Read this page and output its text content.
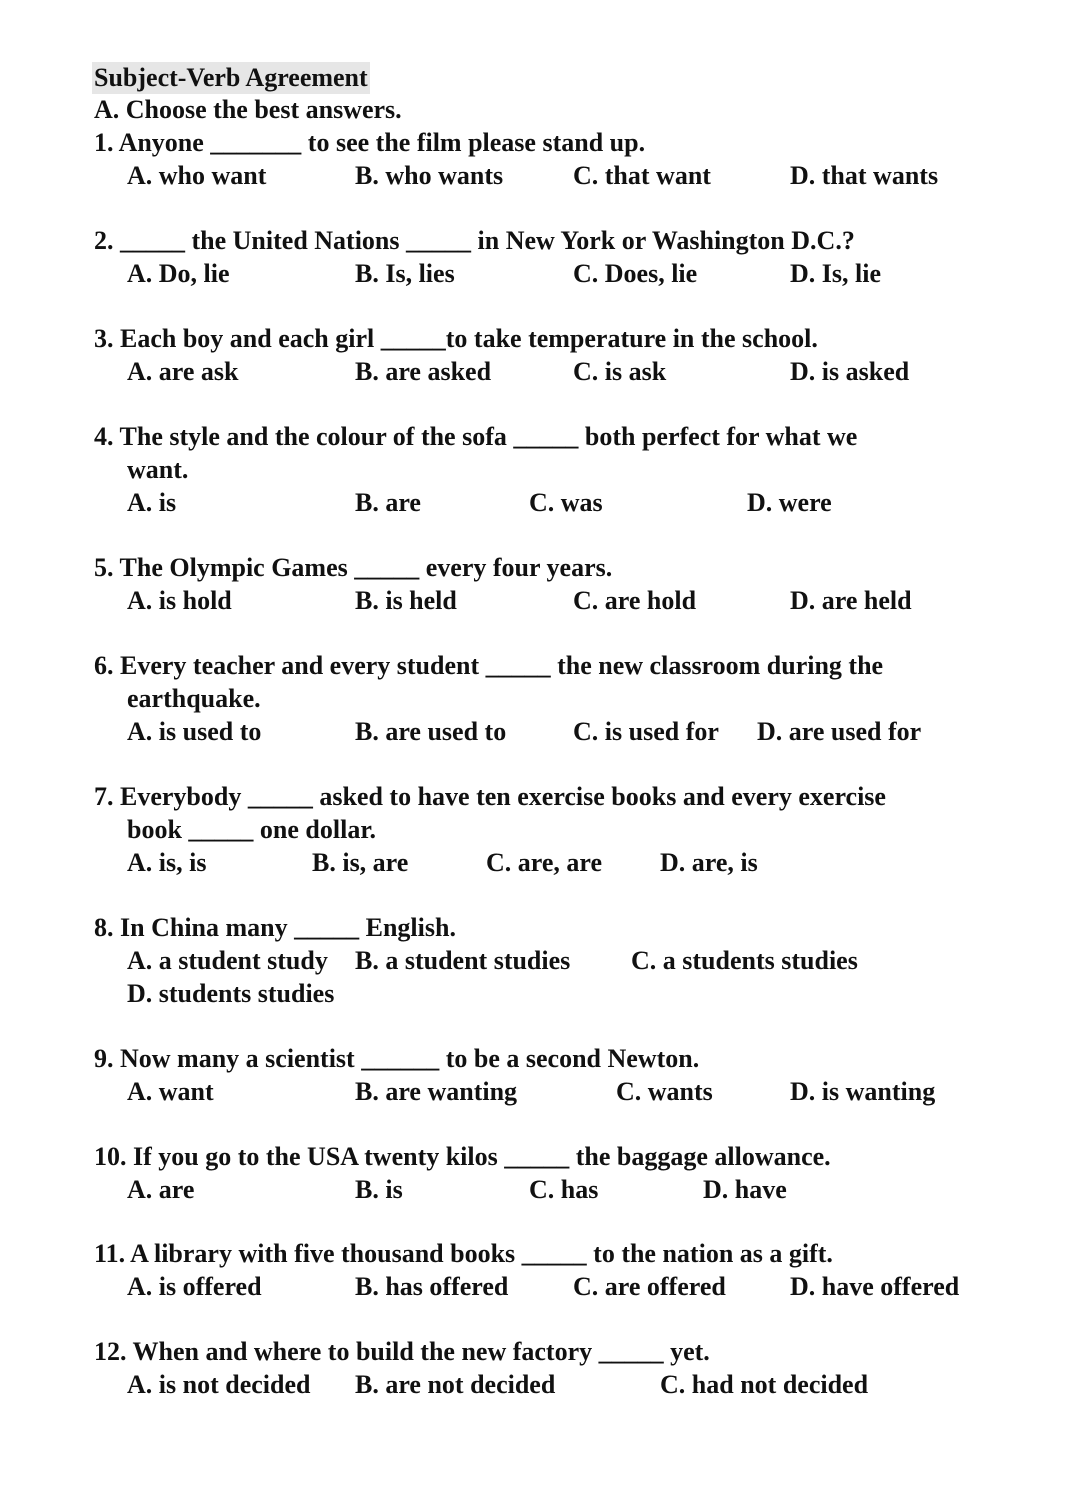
Subject-Verb Agreement
A. Choose the best answers.
1. Anyone _______ to see the film please stand up.
A. who want	B. who wants	C. that want	D. that wants
2. _____ the United Nations _____ in New York or Washington D.C.?
A. Do, lie	B. Is, lies	C. Does, lie	D. Is, lie
3. Each boy and each girl _____to take temperature in the school.
A. are ask	B. are asked	C. is ask	D. is asked
4. The style and the colour of the sofa _____ both perfect for what we
want.
A. is	B. are	C. was	D. were
5. The Olympic Games _____ every four years.
A. is hold	B. is held	C. are hold	D. are held
6. Every teacher and every student _____ the new classroom during the
earthquake.
A. is used to	B. are used to	C. is used for D. are used for
7. Everybody _____ asked to have ten exercise books and every exercise
book _____ one dollar.
A. is, is	B. is, are	C. are, are D. are, is
8. In China many _____ English.
A. a student study B. a student studies C. a students studies
D. students studies
9. Now many a scientist ______ to be a second Newton.
A. want	B. are wanting	C. wants	D. is wanting
10. If you go to the USA twenty kilos _____ the baggage allowance.
A. are	B. is	C. has	D. have
11. A library with five thousand books _____ to the nation as a gift.
A. is offered	B. has offered C. are offered D. have offered
12. When and where to build the new factory _____ yet.
A. is not decided B. are not decided	C. had not decided
